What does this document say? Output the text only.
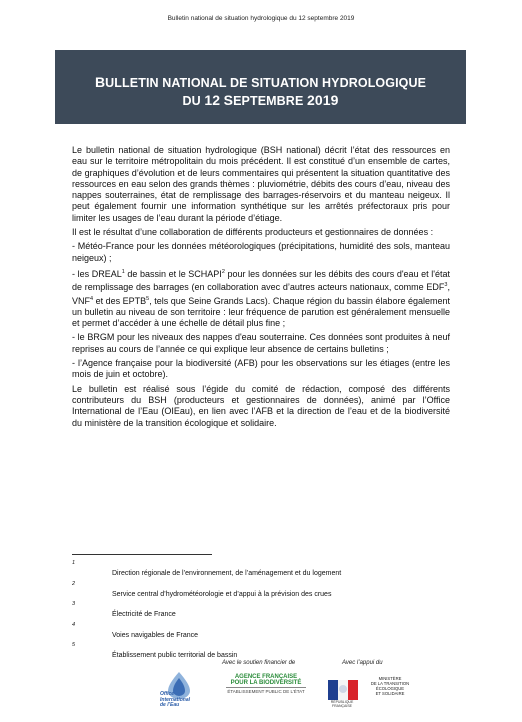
Bulletin national de situation hydrologique du 12 septembre 2019
BULLETIN NATIONAL DE SITUATION HYDROLOGIQUE
DU 12 SEPTEMBRE 2019

Le bulletin national de situation hydrologique (BSH national) décrit l’état des ressources en eau sur le territoire métropolitain du mois précédent. Il est constitué d’un ensemble de cartes, de graphiques d’évolution et de leurs commentaires qui présentent la situation quantitative des ressources en eau selon des grands thèmes : pluviométrie, débits des cours d’eau, niveau des nappes souterraines, état de remplissage des barrages-réservoirs et du manteau neigeux. Il peut également fournir une information synthétique sur les arrêtés préfectoraux pris pour limiter les usages de l’eau durant la période d’étiage.

Il est le résultat d’une collaboration de différents producteurs et gestionnaires de données :

- Météo-France pour les données météorologiques (précipitations, humidité des sols, manteau neigeux) ;

- les DREAL$^1$ de bassin et le SCHAPI$^2$ pour les données sur les débits des cours d'eau et l'état de remplissage des barrages (en collaboration avec d’autres acteurs nationaux, comme EDF$^3$, VNF$^4$ et des EPTB$^5$, tels que Seine Grands Lacs). Chaque région du bassin élabore également un bulletin au niveau de son territoire : leur fréquence de parution est généralement mensuelle et permet d’accéder à une échelle de détail plus fine ;

- le BRGM pour les niveaux des nappes d'eau souterraine. Ces données sont produites à neuf reprises au cours de l’année ce qui explique leur absence de certains bulletins ;

- l’Agence française pour la biodiversité (AFB) pour les observations sur les étiages (entre les mois de juin et octobre).

Le bulletin est réalisé sous l’égide du comité de rédaction, composé des différents contributeurs du BSH (producteurs et gestionnaires de données), animé par l’Office International de l’Eau (OIEau), en lien avec l’AFB et la direction de l’eau et de la biodiversité du ministère de la transition écologique et solidaire.

1
Direction régionale de l’environnement, de l’aménagement et du logement
2
Service central d’hydrométéorologie et d’appui à la prévision des crues
3
Électricité de France
4
Voies navigables de France
5
Établissement public territorial de bassin
Avec le soutien financier de	Avec l’appui du
Office
International
de l’Eau
AGENCE FRANÇAISE
POUR LA BIODIVERSITÉ
ÉTABLISSEMENT PUBLIC DE L’ÉTAT
RÉPUBLIQUE FRANÇAISE
MINISTÈRE
DE LA TRANSITION
ÉCOLOGIQUE
ET SOLIDAIRE
